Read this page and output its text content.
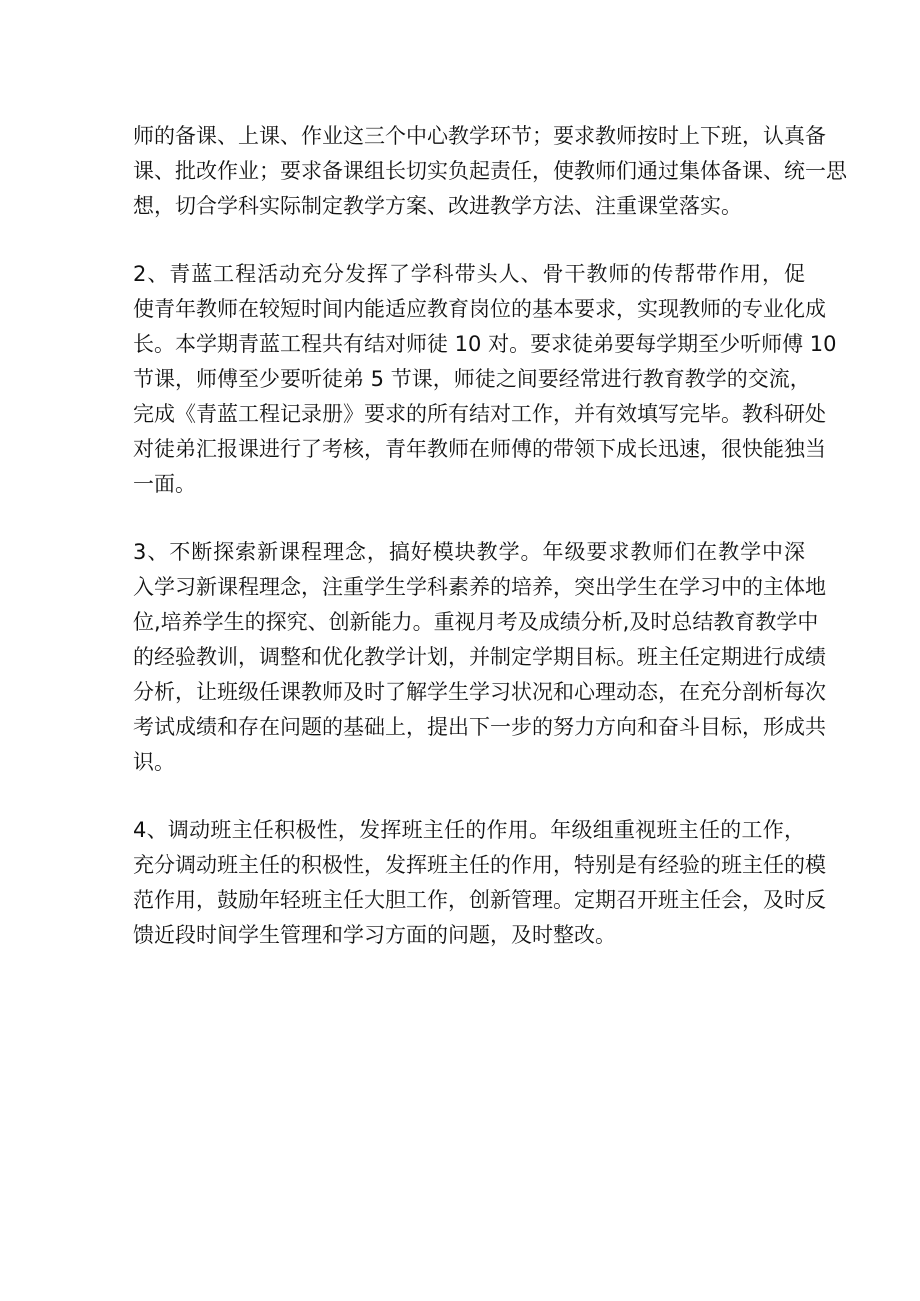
师的备课、上课、作业这三个中心教学环节；要求教师按时上下班，认真备
课、批改作业；要求备课组长切实负起责任，使教师们通过集体备课、统一思
想，切合学科实际制定教学方案、改进教学方法、注重课堂落实。
2、青蓝工程活动充分发挥了学科带头人、骨干教师的传帮带作用，促
使青年教师在较短时间内能适应教育岗位的基本要求，实现教师的专业化成
长。本学期青蓝工程共有结对师徒 10 对。要求徒弟要每学期至少听师傅 10
节课，师傅至少要听徒弟 5 节课，师徒之间要经常进行教育教学的交流，
完成《青蓝工程记录册》要求的所有结对工作，并有效填写完毕。教科研处
对徒弟汇报课进行了考核，青年教师在师傅的带领下成长迅速，很快能独当
一面。
3、不断探索新课程理念，搞好模块教学。年级要求教师们在教学中深
入学习新课程理念，注重学生学科素养的培养，突出学生在学习中的主体地
位,培养学生的探究、创新能力。重视月考及成绩分析,及时总结教育教学中
的经验教训，调整和优化教学计划，并制定学期目标。班主任定期进行成绩
分析，让班级任课教师及时了解学生学习状况和心理动态，在充分剖析每次
考试成绩和存在问题的基础上，提出下一步的努力方向和奋斗目标，形成共
识。
4、调动班主任积极性，发挥班主任的作用。年级组重视班主任的工作，
充分调动班主任的积极性，发挥班主任的作用，特别是有经验的班主任的模
范作用，鼓励年轻班主任大胆工作，创新管理。定期召开班主任会，及时反
馈近段时间学生管理和学习方面的问题，及时整改。
